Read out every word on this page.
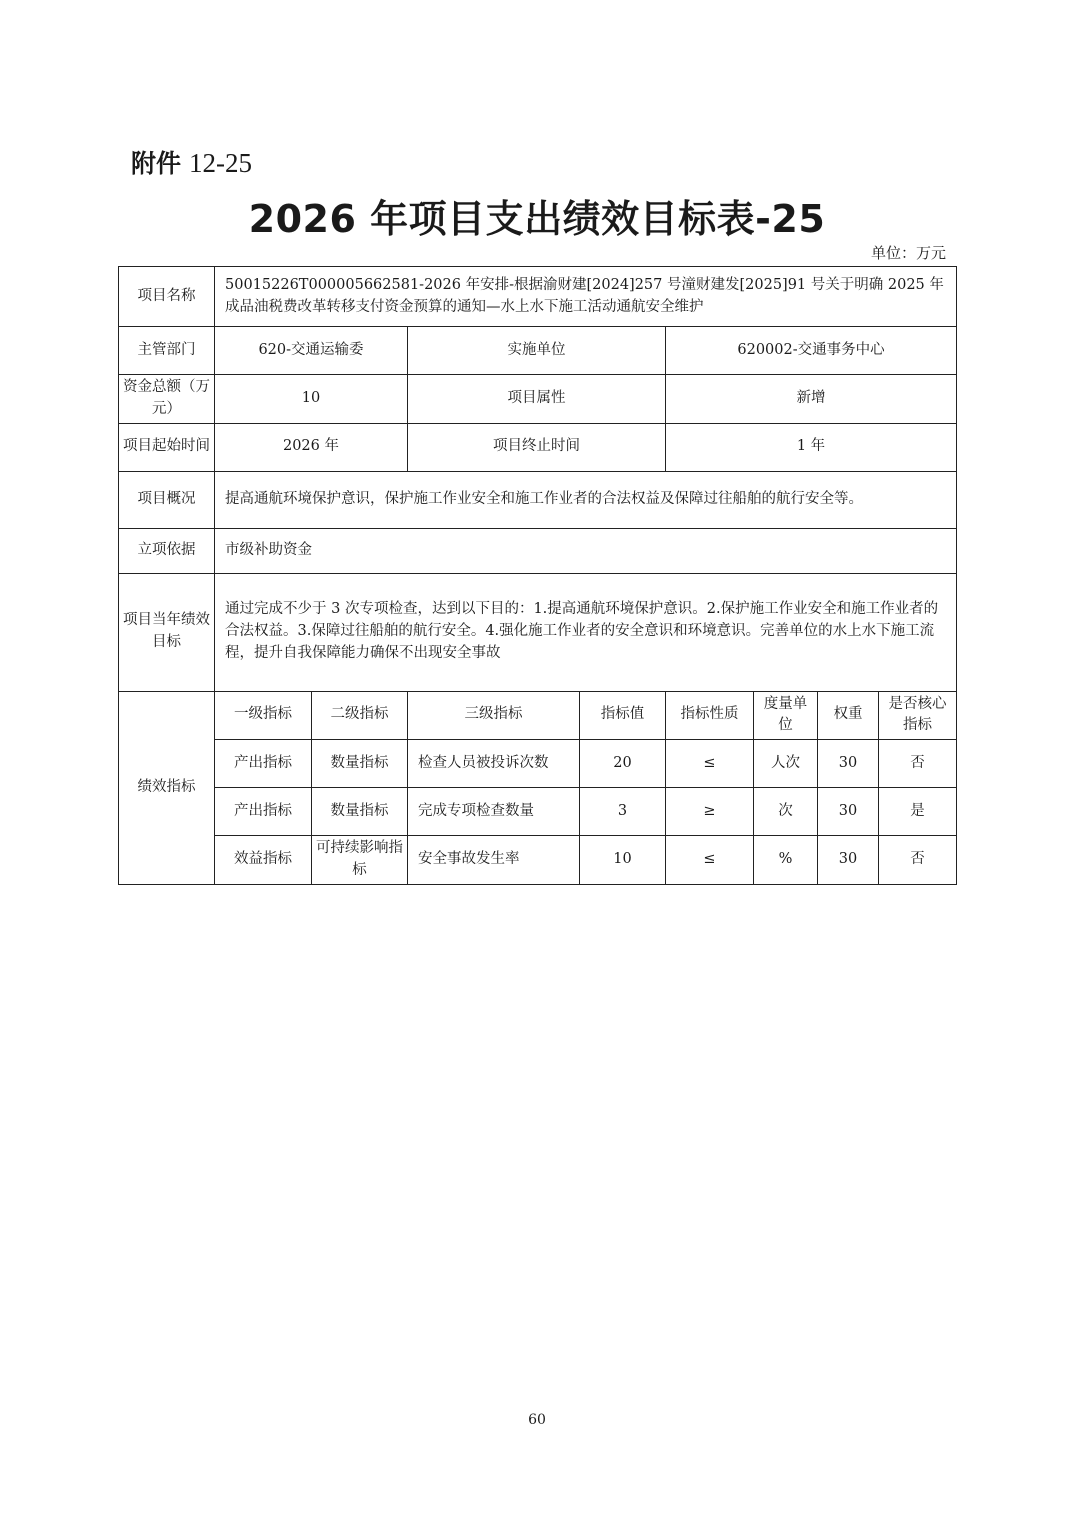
附件 12-25
2026 年项目支出绩效目标表-25
单位：万元
项目名称	50015226T000005662581-2026 年安排-根据渝财建[2024]257 号潼财建发[2025]91 号关于明确 2025 年成品油税费改革转移支付资金预算的通知—水上水下施工活动通航安全维护							
主管部门	620-交通运输委		实施单位		620002-交通事务中心			
资金总额（万元）	10		项目属性		新增			
项目起始时间	2026 年		项目终止时间		1 年			
项目概况	提高通航环境保护意识，保护施工作业安全和施工作业者的合法权益及保障过往船舶的航行安全等。							
立项依据	市级补助资金							
项目当年绩效目标	通过完成不少于 3 次专项检查，达到以下目的：1.提高通航环境保护意识。2.保护施工作业安全和施工作业者的合法权益。3.保障过往船舶的航行安全。4.强化施工作业者的安全意识和环境意识。完善单位的水上水下施工流程，提升自我保障能力确保不出现安全事故							
绩效指标	一级指标	二级指标	三级指标	指标值	指标性质	度量单位	权重	是否核心指标
	产出指标	数量指标	检查人员被投诉次数	20	≤	人次	30	否
	产出指标	数量指标	完成专项检查数量	3	≥	次	30	是
	效益指标	可持续影响指标	安全事故发生率	10	≤	%	30	否
60
